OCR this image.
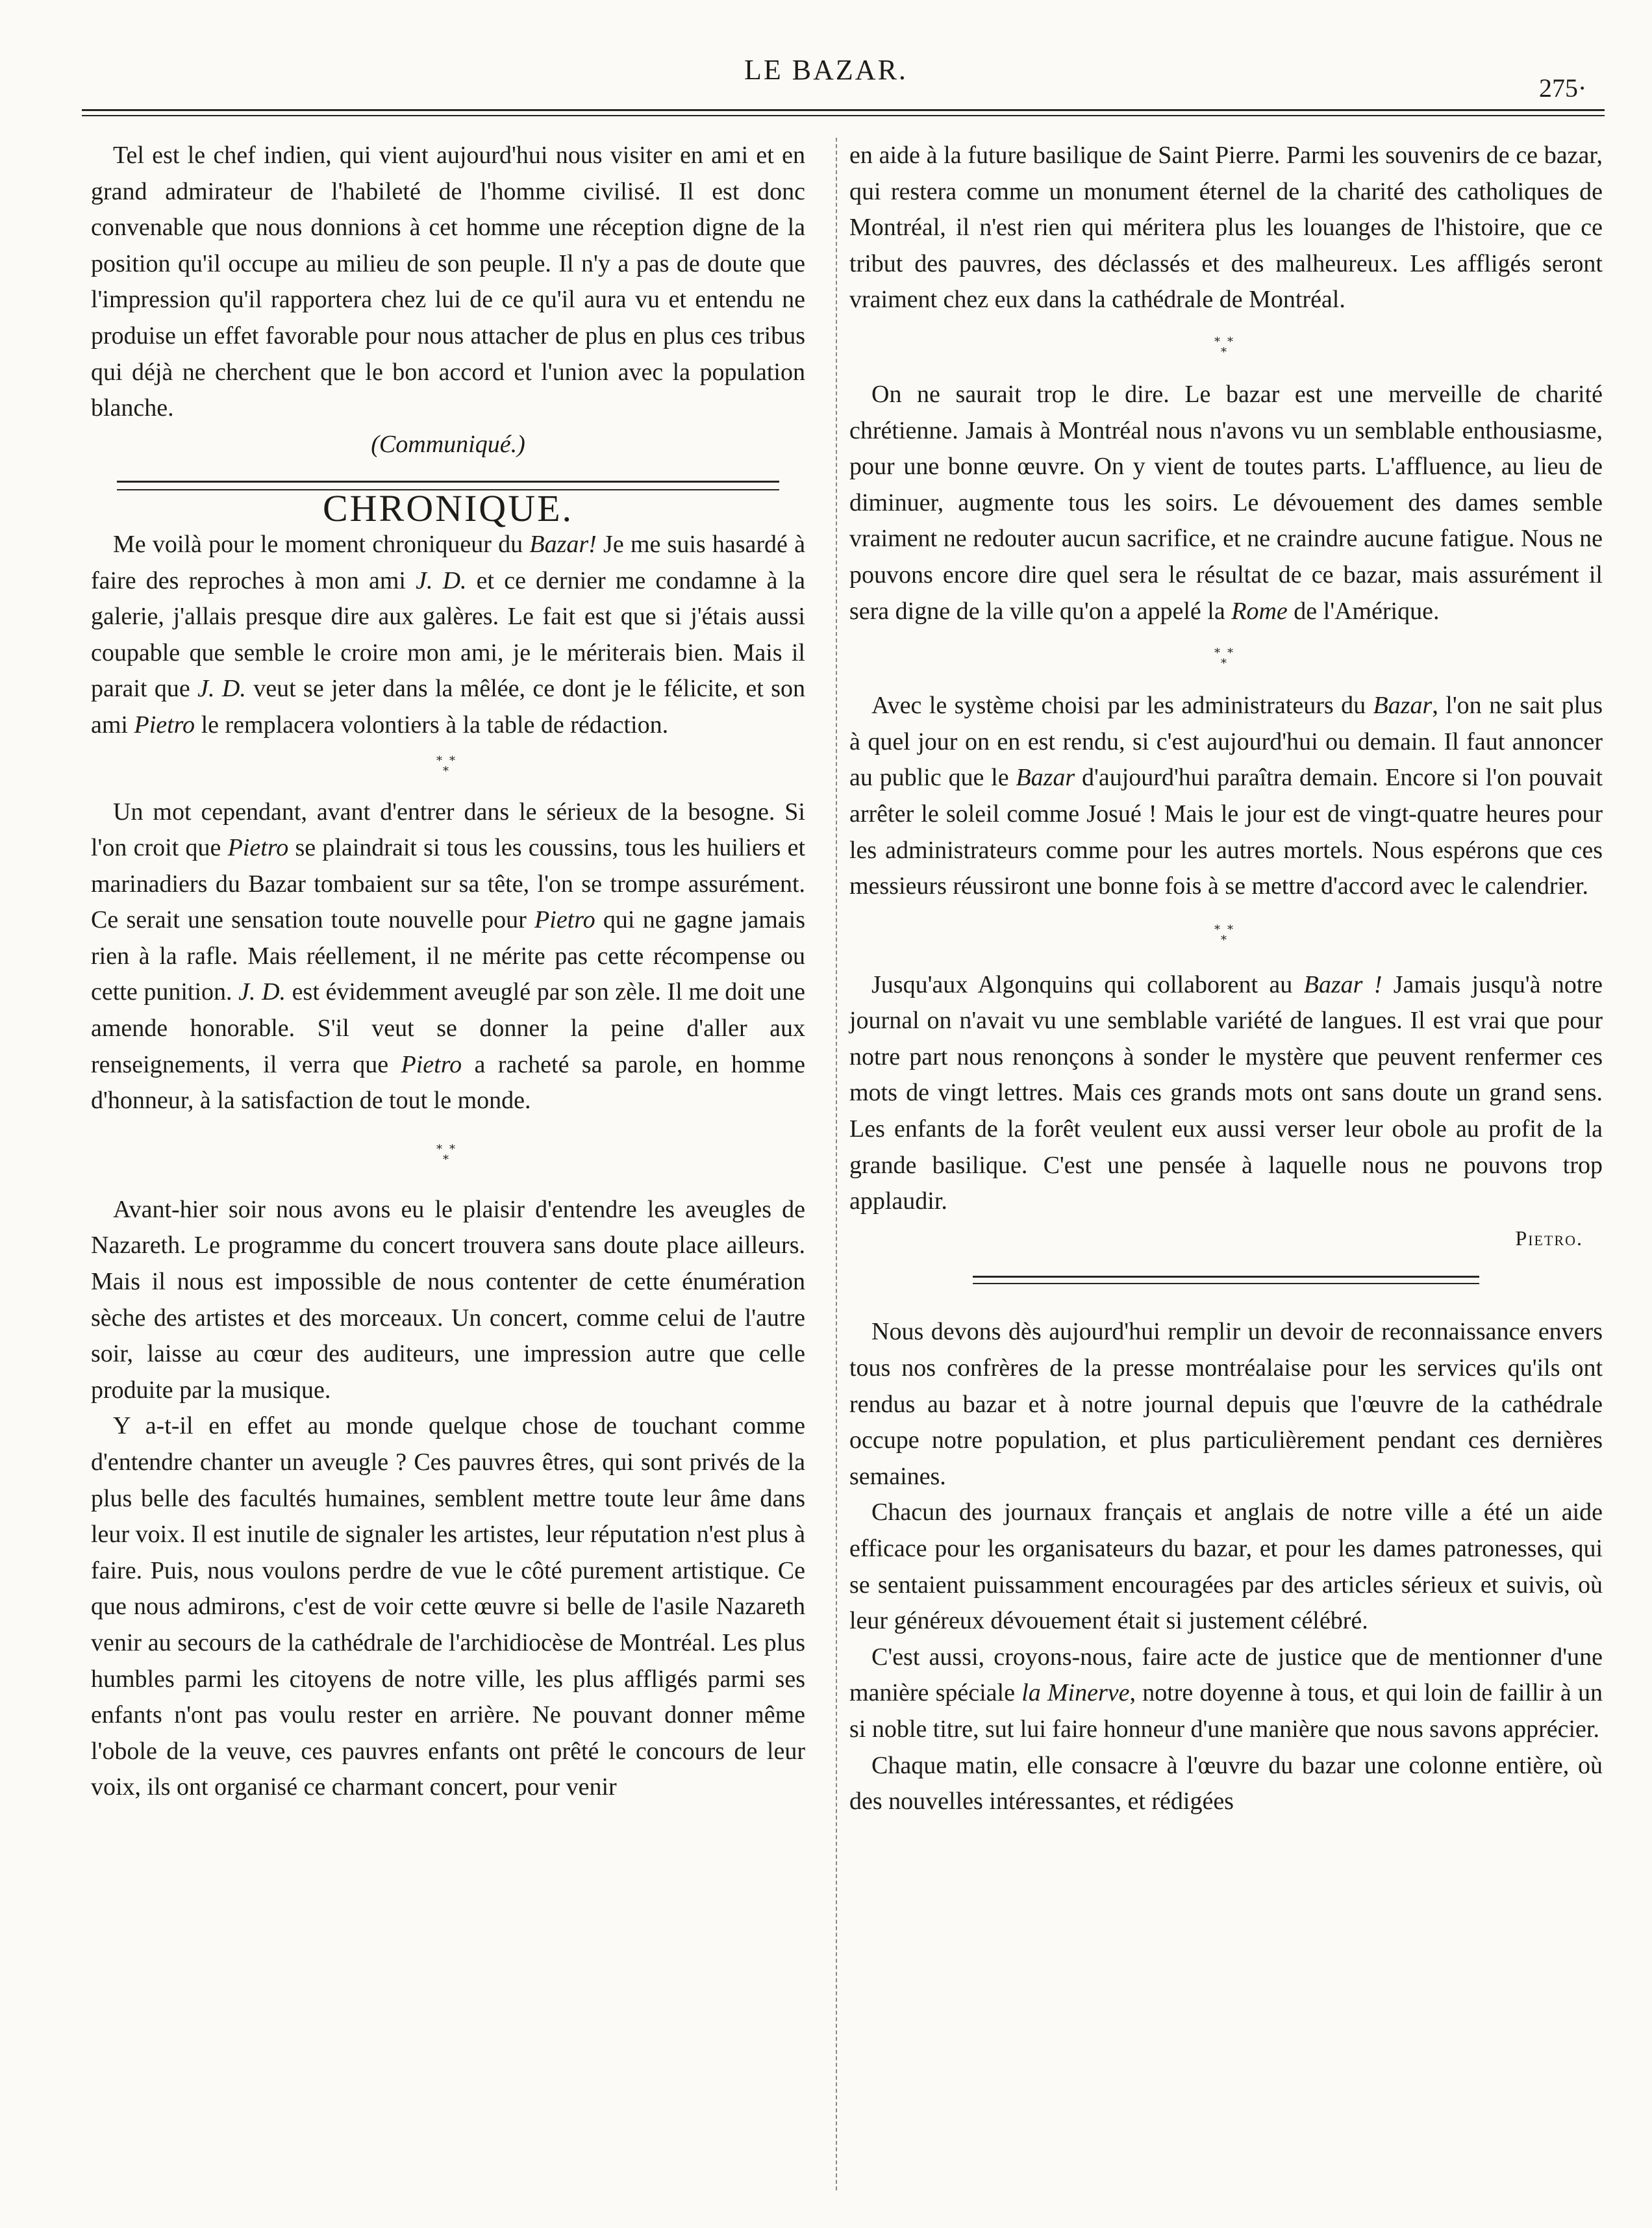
LE BAZAR.
275·

Tel est le chef indien, qui vient aujourd'hui nous visiter en ami et en grand admirateur de l'habileté de l'homme civilisé. Il est donc convenable que nous donnions à cet homme une réception digne de la position qu'il occupe au milieu de son peuple. Il n'y a pas de doute que l'impression qu'il rapportera chez lui de ce qu'il aura vu et entendu ne produise un effet favorable pour nous attacher de plus en plus ces tribus qui déjà ne cherchent que le bon accord et l'union avec la population blanche.

(Communiqué.)

CHRONIQUE.

Me voilà pour le moment chroniqueur du Bazar! Je me suis hasardé à faire des reproches à mon ami J. D. et ce dernier me condamne à la galerie, j'allais presque dire aux galères. Le fait est que si j'étais aussi coupable que semble le croire mon ami, je le mériterais bien. Mais il parait que J. D. veut se jeter dans la mêlée, ce dont je le félicite, et son ami Pietro le remplacera volontiers à la table de rédaction.

* *
*

Un mot cependant, avant d'entrer dans le sérieux de la besogne. Si l'on croit que Pietro se plaindrait si tous les coussins, tous les huiliers et marinadiers du Bazar tombaient sur sa tête, l'on se trompe assurément. Ce serait une sensation toute nouvelle pour Pietro qui ne gagne jamais rien à la rafle. Mais réellement, il ne mérite pas cette récompense ou cette punition. J. D. est évidemment aveuglé par son zèle. Il me doit une amende honorable. S'il veut se donner la peine d'aller aux renseignements, il verra que Pietro a racheté sa parole, en homme d'honneur, à la satisfaction de tout le monde.

* *
*

Avant-hier soir nous avons eu le plaisir d'entendre les aveugles de Nazareth. Le programme du concert trouvera sans doute place ailleurs. Mais il nous est impossible de nous contenter de cette énumération sèche des artistes et des morceaux. Un concert, comme celui de l'autre soir, laisse au cœur des auditeurs, une impression autre que celle produite par la musique.

Y a-t-il en effet au monde quelque chose de touchant comme d'entendre chanter un aveugle ? Ces pauvres êtres, qui sont privés de la plus belle des facultés humaines, semblent mettre toute leur âme dans leur voix. Il est inutile de signaler les artistes, leur réputation n'est plus à faire. Puis, nous voulons perdre de vue le côté purement artistique. Ce que nous admirons, c'est de voir cette œuvre si belle de l'asile Nazareth venir au secours de la cathédrale de l'archidiocèse de Montréal. Les plus humbles parmi les citoyens de notre ville, les plus affligés parmi ses enfants n'ont pas voulu rester en arrière. Ne pouvant donner même l'obole de la veuve, ces pauvres enfants ont prêté le concours de leur voix, ils ont organisé ce charmant concert, pour venir

en aide à la future basilique de Saint Pierre. Parmi les souvenirs de ce bazar, qui restera comme un monument éternel de la charité des catholiques de Montréal, il n'est rien qui méritera plus les louanges de l'histoire, que ce tribut des pauvres, des déclassés et des malheureux. Les affligés seront vraiment chez eux dans la cathédrale de Montréal.

* *
*

On ne saurait trop le dire. Le bazar est une merveille de charité chrétienne. Jamais à Montréal nous n'avons vu un semblable enthousiasme, pour une bonne œuvre. On y vient de toutes parts. L'affluence, au lieu de diminuer, augmente tous les soirs. Le dévouement des dames semble vraiment ne redouter aucun sacrifice, et ne craindre aucune fatigue. Nous ne pouvons encore dire quel sera le résultat de ce bazar, mais assurément il sera digne de la ville qu'on a appelé la Rome de l'Amérique.

* *
*

Avec le système choisi par les administrateurs du Bazar, l'on ne sait plus à quel jour on en est rendu, si c'est aujourd'hui ou demain. Il faut annoncer au public que le Bazar d'aujourd'hui paraîtra demain. Encore si l'on pouvait arrêter le soleil comme Josué ! Mais le jour est de vingt-quatre heures pour les administrateurs comme pour les autres mortels. Nous espérons que ces messieurs réussiront une bonne fois à se mettre d'accord avec le calendrier.

* *
*

Jusqu'aux Algonquins qui collaborent au Bazar ! Jamais jusqu'à notre journal on n'avait vu une semblable variété de langues. Il est vrai que pour notre part nous renonçons à sonder le mystère que peuvent renfermer ces mots de vingt lettres. Mais ces grands mots ont sans doute un grand sens. Les enfants de la forêt veulent eux aussi verser leur obole au profit de la grande basilique. C'est une pensée à laquelle nous ne pouvons trop applaudir.

Pietro.

Nous devons dès aujourd'hui remplir un devoir de reconnaissance envers tous nos confrères de la presse montréalaise pour les services qu'ils ont rendus au bazar et à notre journal depuis que l'œuvre de la cathédrale occupe notre population, et plus particulièrement pendant ces dernières semaines.

Chacun des journaux français et anglais de notre ville a été un aide efficace pour les organisateurs du bazar, et pour les dames patronesses, qui se sentaient puissamment encouragées par des articles sérieux et suivis, où leur généreux dévouement était si justement célébré.

C'est aussi, croyons-nous, faire acte de justice que de mentionner d'une manière spéciale la Minerve, notre doyenne à tous, et qui loin de faillir à un si noble titre, sut lui faire honneur d'une manière que nous savons apprécier.

Chaque matin, elle consacre à l'œuvre du bazar une colonne entière, où des nouvelles intéressantes, et rédigées
